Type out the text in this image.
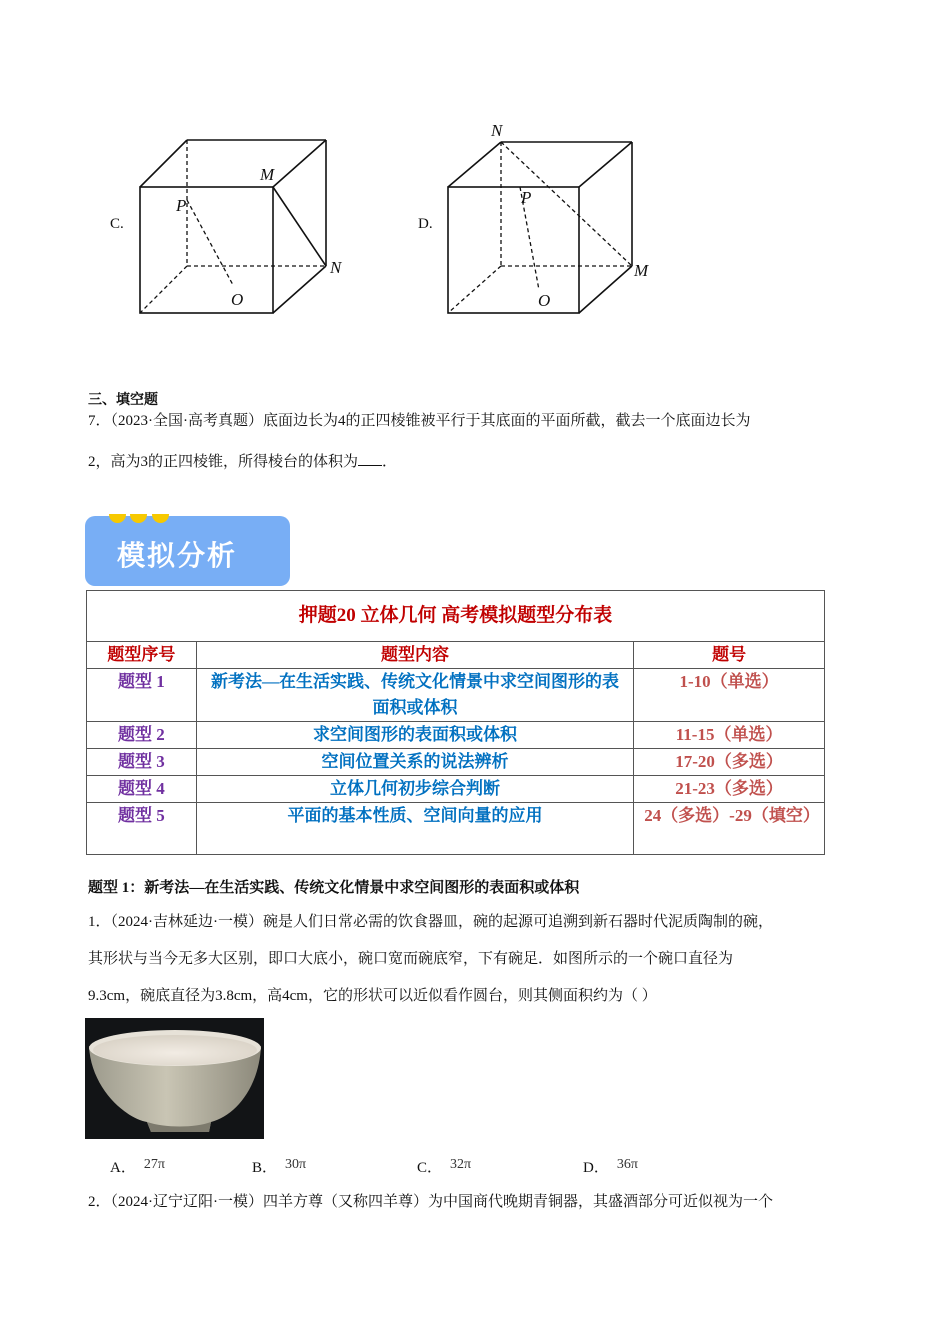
C.
M
P
N
O
D.
N
P
M
O
三、填空题
7．（2023·全国·高考真题）底面边长为4的正四棱锥被平行于其底面的平面所截，截去一个底面边长为
2，高为3的正四棱锥，所得棱台的体积为 ．
模拟分析
押题20 立体几何 高考模拟题型分布表		
题型序号	题型内容	题号
题型 1	新考法—在生活实践、传统文化情景中求空间图形的表面积或体积	1-10（单选）
题型 2	求空间图形的表面积或体积	11-15（单选）
题型 3	空间位置关系的说法辨析	17-20（多选）
题型 4	立体几何初步综合判断	21-23（多选）
题型 5	平面的基本性质、空间向量的应用	24（多选）-29（填空）
题型 1：新考法—在生活实践、传统文化情景中求空间图形的表面积或体积
1．（2024·吉林延边·一模）碗是人们日常必需的饮食器皿，碗的起源可追溯到新石器时代泥质陶制的碗，
其形状与当今无多大区别，即口大底小，碗口宽而碗底窄，下有碗足．如图所示的一个碗口直径为
9.3cm，碗底直径为3.8cm，高4cm，它的形状可以近似看作圆台，则其侧面积约为（ ）
A． 27π	B． 30π	C． 32π	D． 36π
2．（2024·辽宁辽阳·一模）四羊方尊（又称四羊尊）为中国商代晚期青铜器，其盛酒部分可近似视为一个
